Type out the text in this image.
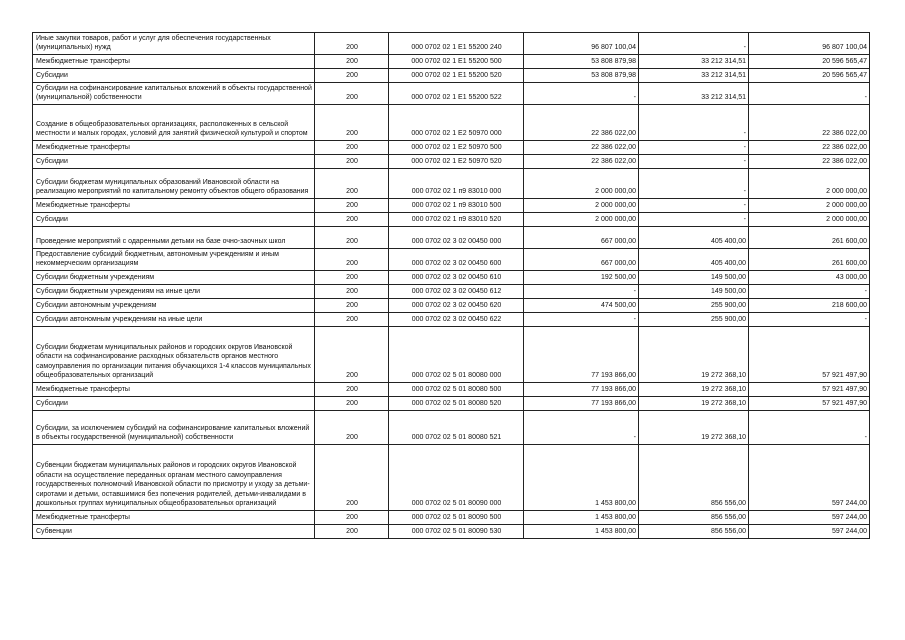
Иные закупки товаров, работ и услуг для обеспечения государственных (муниципальных) нужд	200	000 0702 02 1 E1 55200 240	96 807 100,04	-	96 807 100,04
Межбюджетные трансферты	200	000 0702 02 1 E1 55200 500	53 808 879,98	33 212 314,51	20 596 565,47
Субсидии	200	000 0702 02 1 E1 55200 520	53 808 879,98	33 212 314,51	20 596 565,47
Субсидии на софинансирование капитальных вложений в объекты государственной (муниципальной) собственности	200	000 0702 02 1 E1 55200 522	-	33 212 314,51	-
Создание в общеобразовательных организациях, расположенных в сельской местности и малых городах, условий для занятий физической культурой и спортом	200	000 0702 02 1 E2 50970 000	22 386 022,00	-	22 386 022,00
Межбюджетные трансферты	200	000 0702 02 1 E2 50970 500	22 386 022,00	-	22 386 022,00
Субсидии	200	000 0702 02 1 E2 50970 520	22 386 022,00	-	22 386 022,00
Субсидии бюджетам муниципальных образований Ивановской области на реализацию мероприятий по капитальному ремонту объектов общего образования	200	000 0702 02 1 п9 83010 000	2 000 000,00	-	2 000 000,00
Межбюджетные трансферты	200	000 0702 02 1 п9 83010 500	2 000 000,00	-	2 000 000,00
Субсидии	200	000 0702 02 1 п9 83010 520	2 000 000,00	-	2 000 000,00
Проведение мероприятий с одаренными детьми на базе очно-заочных школ	200	000 0702 02 3 02 00450 000	667 000,00	405 400,00	261 600,00
Предоставление субсидий бюджетным, автономным учреждениям и иным некоммерческим организациям	200	000 0702 02 3 02 00450 600	667 000,00	405 400,00	261 600,00
Субсидии бюджетным учреждениям	200	000 0702 02 3 02 00450 610	192 500,00	149 500,00	43 000,00
Субсидии бюджетным учреждениям на иные цели	200	000 0702 02 3 02 00450 612	-	149 500,00	-
Субсидии автономным учреждениям	200	000 0702 02 3 02 00450 620	474 500,00	255 900,00	218 600,00
Субсидии автономным учреждениям на иные цели	200	000 0702 02 3 02 00450 622	-	255 900,00	-
Субсидии бюджетам муниципальных районов и городских округов Ивановской области на софинансирование расходных обязательств органов местного самоуправления по организации питания обучающихся 1-4 классов муниципальных общеобразовательных организаций	200	000 0702 02 5 01 80080 000	77 193 866,00	19 272 368,10	57 921 497,90
Межбюджетные трансферты	200	000 0702 02 5 01 80080 500	77 193 866,00	19 272 368,10	57 921 497,90
Субсидии	200	000 0702 02 5 01 80080 520	77 193 866,00	19 272 368,10	57 921 497,90
Субсидии, за исключением субсидий на софинансирование капитальных вложений в объекты государственной (муниципальной) собственности	200	000 0702 02 5 01 80080 521	-	19 272 368,10	-
Субвенции бюджетам муниципальных районов и городских округов Ивановской области на осуществление переданных органам местного самоуправления государственных полномочий Ивановской области по присмотру и уходу за детьми-сиротами и детьми, оставшимися без попечения родителей, детьми-инвалидами в дошкольных группах муниципальных общеобразовательных организаций	200	000 0702 02 5 01 80090 000	1 453 800,00	856 556,00	597 244,00
Межбюджетные трансферты	200	000 0702 02 5 01 80090 500	1 453 800,00	856 556,00	597 244,00
Субвенции	200	000 0702 02 5 01 80090 530	1 453 800,00	856 556,00	597 244,00
